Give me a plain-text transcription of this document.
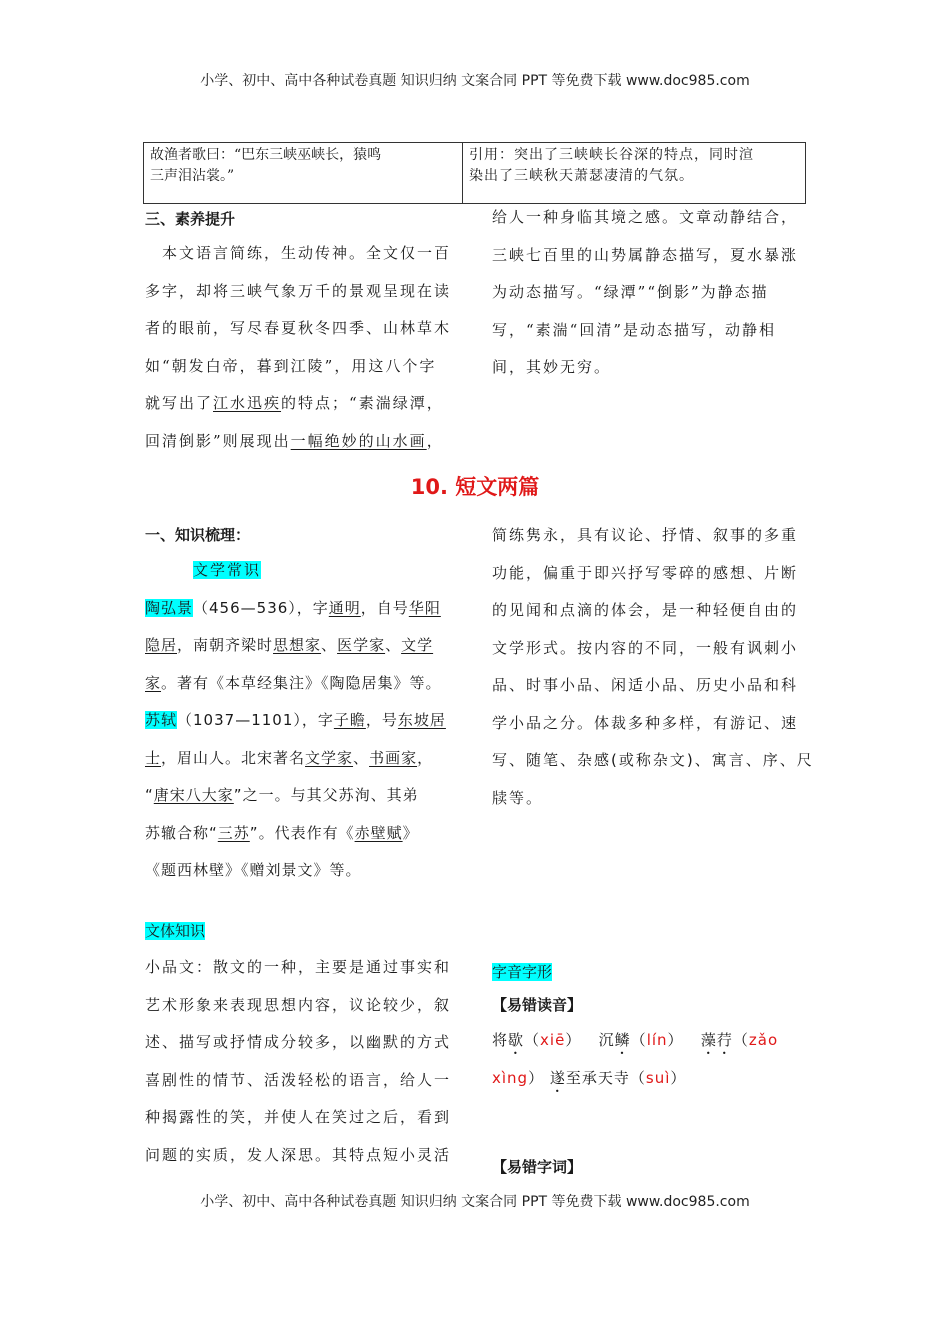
小学、初中、高中各种试卷真题 知识归纳 文案合同 PPT 等免费下载 www.doc985.com
故渔者歌曰：“巴东三峡巫峡长，猿鸣
三声泪沾裳。”

引用：突出了三峡峡长谷深的特点，同时渲
染出了三峡秋天萧瑟凄清的气氛。
三、素养提升
　本文语言简练，生动传神。全文仅一百
多字，却将三峡气象万千的景观呈现在读
者的眼前，写尽春夏秋冬四季、山林草木
如“朝发白帝，暮到江陵”，用这八个字
就写出了江水迅疾的特点；“素湍绿潭，
回清倒影”则展现出一幅绝妙的山水画，
给人一种身临其境之感。文章动静结合，
三峡七百里的山势属静态描写，夏水暴涨
为动态描写。“绿潭”“倒影”为静态描
写，“素湍“回清”是动态描写，动静相
间，其妙无穷。
10. 短文两篇
一、知识梳理：
文学常识
陶弘景（456—536），字通明，自号华阳
隐居，南朝齐梁时思想家、医学家、文学
家。著有《本草经集注》《陶隐居集》等。
苏轼（1037—1101），字子瞻，号东坡居
士，眉山人。北宋著名文学家、书画家，
“唐宋八大家”之一。与其父苏洵、其弟
苏辙合称“三苏”。代表作有《赤壁赋》
《题西林壁》《赠刘景文》等。
简练隽永，具有议论、抒情、叙事的多重
功能，偏重于即兴抒写零碎的感想、片断
的见闻和点滴的体会，是一种轻便自由的
文学形式。按内容的不同，一般有讽刺小
品、时事小品、闲适小品、历史小品和科
学小品之分。体裁多种多样，有游记、速
写、随笔、杂感(或称杂文)、寓言、序、尺
牍等。
文体知识
小品文：散文的一种，主要是通过事实和
艺术形象来表现思想内容，议论较少，叙
述、描写或抒情成分较多，以幽默的方式
喜剧性的情节、活泼轻松的语言，给人一
种揭露性的笑，并使人在笑过之后，看到
问题的实质，发人深思。其特点短小灵活
字音字形
【易错读音】
将歇（xiē）   沉鳞（lín）   藻荇（zǎo
xìng） 遂至承天寺（suì）
【易错字词】
小学、初中、高中各种试卷真题 知识归纳 文案合同 PPT 等免费下载 www.doc985.com
